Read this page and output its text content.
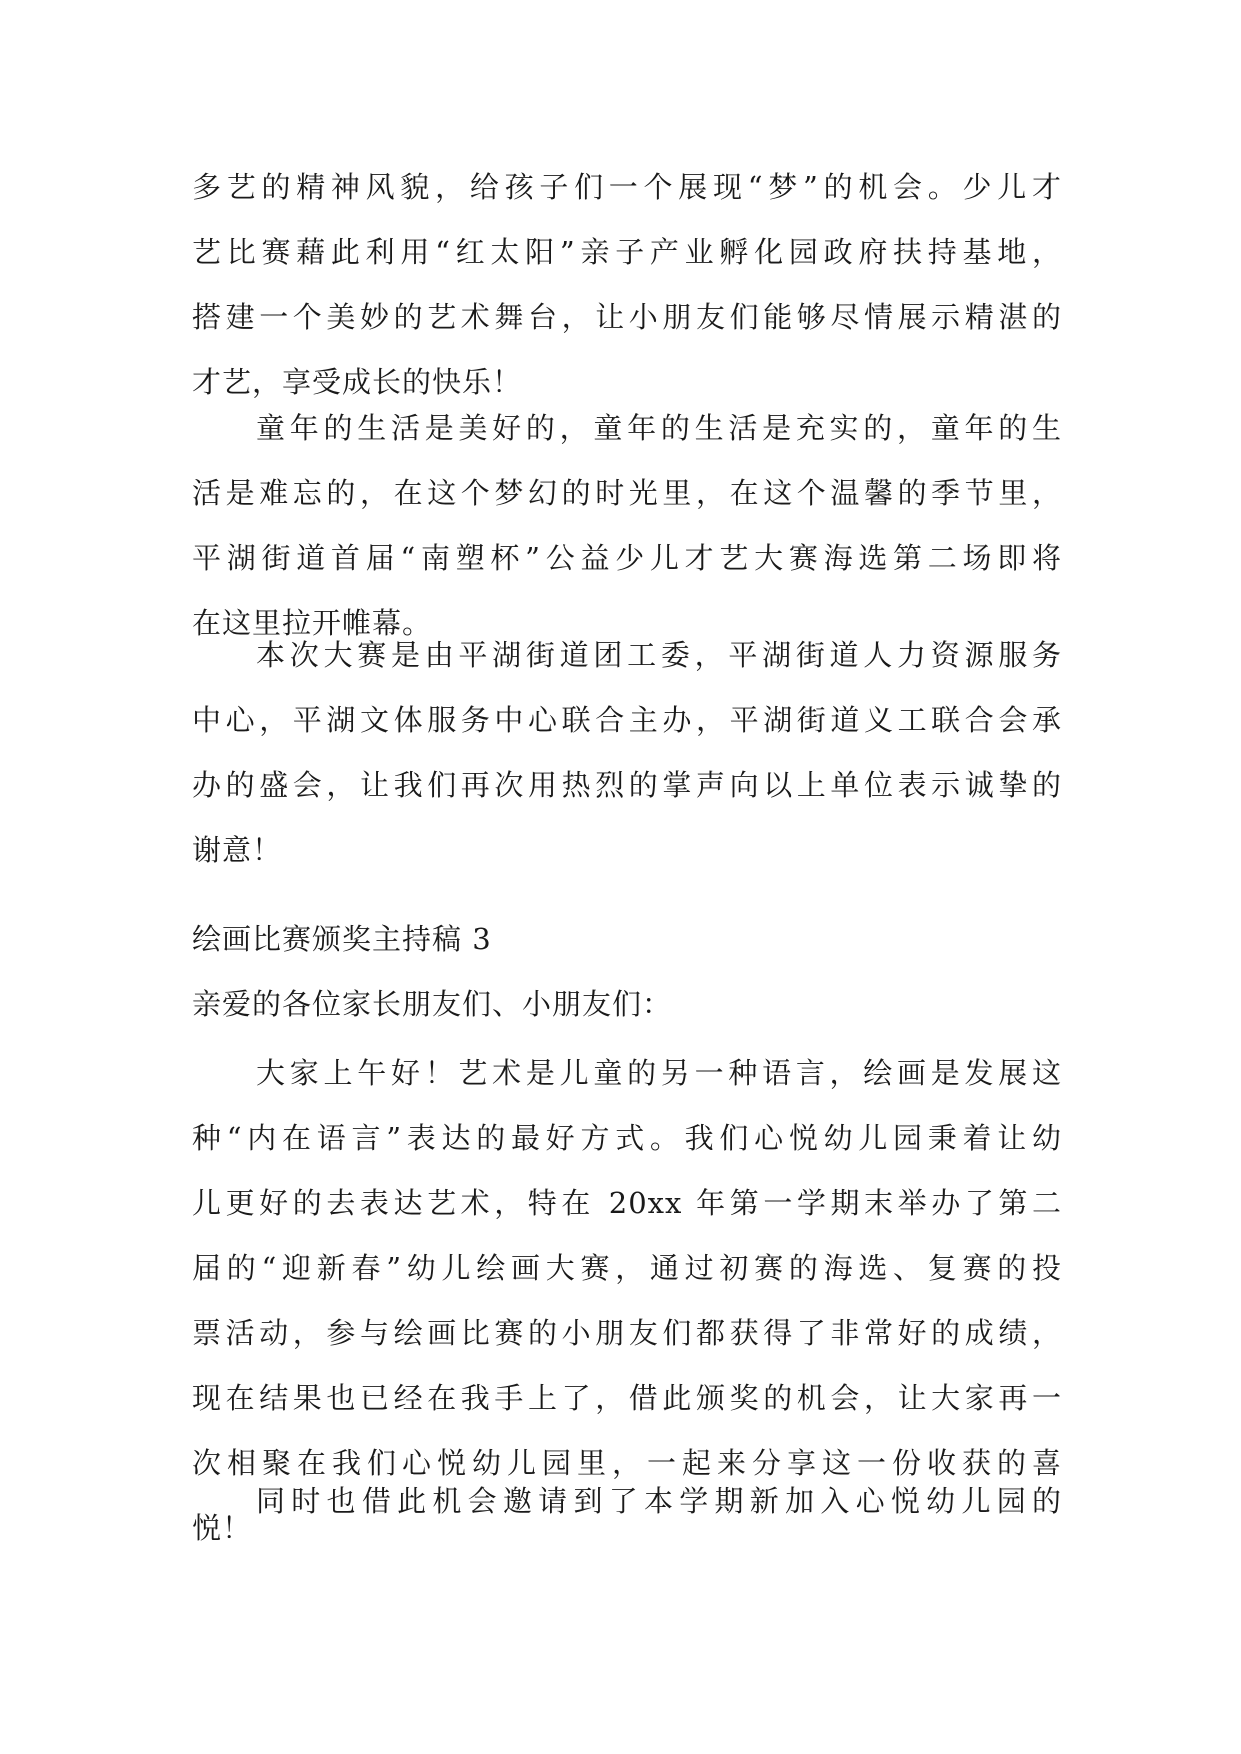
多艺的精神风貌，给孩子们一个展现“梦”的机会。少儿才
艺比赛藉此利用“红太阳”亲子产业孵化园政府扶持基地，
搭建一个美妙的艺术舞台，让小朋友们能够尽情展示精湛的
才艺，享受成长的快乐！
童年的生活是美好的，童年的生活是充实的，童年的生
活是难忘的，在这个梦幻的时光里，在这个温馨的季节里，
平湖街道首届“南塑杯”公益少儿才艺大赛海选第二场即将
在这里拉开帷幕。
本次大赛是由平湖街道团工委，平湖街道人力资源服务
中心，平湖文体服务中心联合主办，平湖街道义工联合会承
办的盛会，让我们再次用热烈的掌声向以上单位表示诚挚的
谢意！
绘画比赛颁奖主持稿 3
亲爱的各位家长朋友们、小朋友们：
大家上午好！艺术是儿童的另一种语言，绘画是发展这
种“内在语言”表达的最好方式。我们心悦幼儿园秉着让幼
儿更好的去表达艺术，特在 20xx 年第一学期末举办了第二
届的“迎新春”幼儿绘画大赛，通过初赛的海选、复赛的投
票活动，参与绘画比赛的小朋友们都获得了非常好的成绩，
现在结果也已经在我手上了，借此颁奖的机会，让大家再一
次相聚在我们心悦幼儿园里，一起来分享这一份收获的喜
悦！
同时也借此机会邀请到了本学期新加入心悦幼儿园的
